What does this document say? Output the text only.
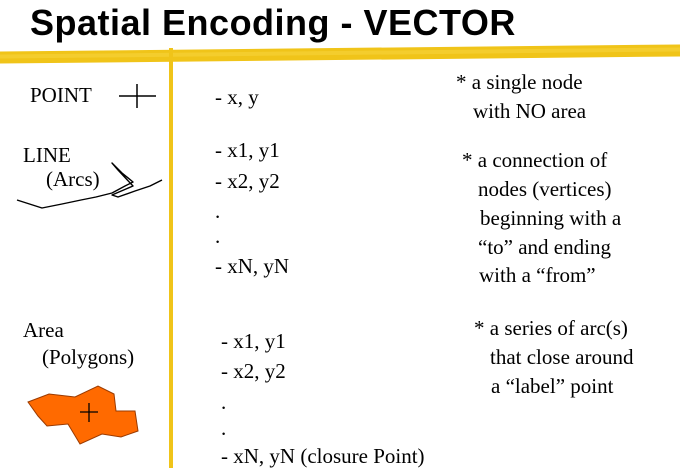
Spatial Encoding - VECTOR
POINT	- x, y
* a single node
with NO area
LINE
(Arcs)
- x1, y1
- x2, y2
.
.
- xN, yN
* a connection of
nodes (vertices)
beginning with a
“to” and ending
with a “from”
Area
(Polygons)
- x1, y1
- x2, y2
.
.
- xN, yN (closure Point)
* a series of arc(s)
that close around
a “label” point
